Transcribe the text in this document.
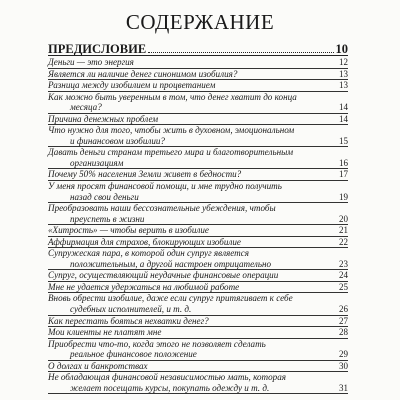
СОДЕРЖАНИЕ
ПРЕДИСЛОВИЕ	10
Деньги — это энергия	12
Является ли наличие денег синонимом изобилия?	13
Разница между изобилием и процветанием	13
Как можно быть уверенным в том, что денег хватит до конца
месяца?	14
Причина денежных проблем	14
Что нужно для того, чтобы жить в духовном, эмоциональном
и финансовом изобилии?	15
Давать деньги странам третьего мира и благотворительным
организациям	16
Почему 50% населения Земли живет в бедности?	17
У меня просят финансовой помощи, и мне трудно получить
назад свои деньги	19
Преобразовать наши бессознательные убеждения, чтобы
преуспеть в жизни	20
«Хитрость» — чтобы верить в изобилие	21
Аффирмация для страхов, блокирующих изобилие	22
Супружеская пара, в которой один супруг является
положительным, а другой настроен отрицательно	23
Супруг, осуществляющий неудачные финансовые операции	24
Мне не удается удержаться на любимой работе	25
Вновь обрести изобилие, даже если супруг притягивает к себе
судебных исполнителей, и т. д.	26
Как перестать бояться нехватки денег?	27
Мои клиенты не платят мне	28
Приобрести что-то, когда этого не позволяет сделать
реальное финансовое положение	29
О долгах и банкротствах	30
Не обладающая финансовой независимостью мать, которая
желает посещать курсы, покупать одежду и т. д.	31
